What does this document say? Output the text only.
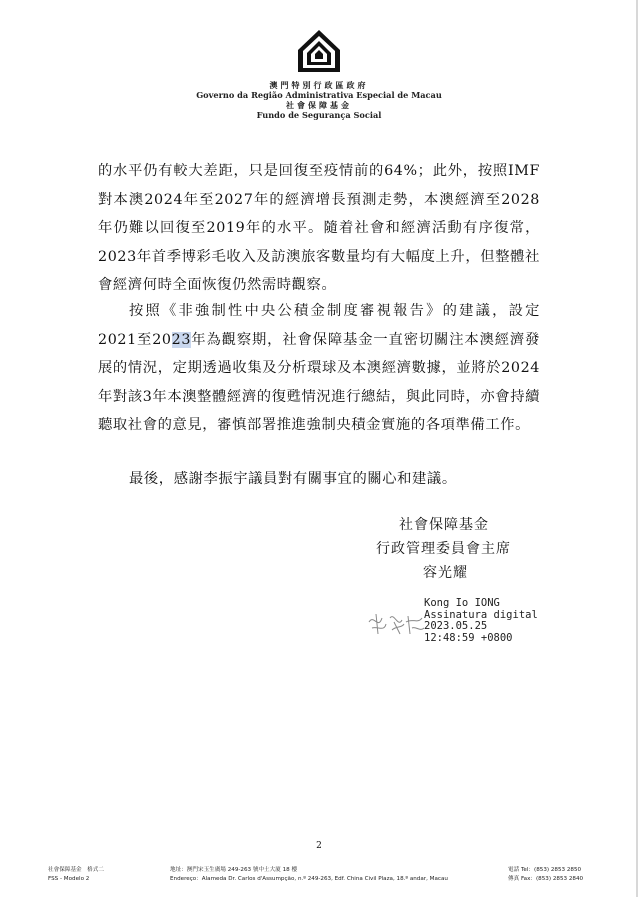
澳門特別行政區政府
Governo da Região Administrativa Especial de Macau
社會保障基金
Fundo de Segurança Social

的水平仍有較大差距，只是回復至疫情前的64%；此外，按照IMF對本澳2024年至2027年的經濟增長預測走勢，本澳經濟至2028年仍難以回復至2019年的水平。隨着社會和經濟活動有序復常，2023年首季博彩毛收入及訪澳旅客數量均有大幅度上升，但整體社會經濟何時全面恢復仍然需時觀察。

按照《非強制性中央公積金制度審視報告》的建議，設定2021至2023年為觀察期，社會保障基金一直密切關注本澳經濟發展的情況，定期透過收集及分析環球及本澳經濟數據，並將於2024年對該3年本澳整體經濟的復甦情況進行總結，與此同時，亦會持續聽取社會的意見，審慎部署推進強制央積金實施的各項準備工作。

最後，感謝李振宇議員對有關事宜的關心和建議。

社會保障基金
行政管理委員會主席
容光耀
Kong Io IONG
Assinatura digital
2023.05.25
12:48:59 +0800
2
社會保障基金　格式二
FSS - Modelo 2
地址：澳門宋玉生廣場 249-263 號中土大廈 18 樓
Endereço：Alameda Dr. Carlos d'Assumpção, n.º 249-263, Edf. China Civil Plaza, 18.º andar, Macau
電話 Tel：(853) 2853 2850
傳真 Fax：(853) 2853 2840
